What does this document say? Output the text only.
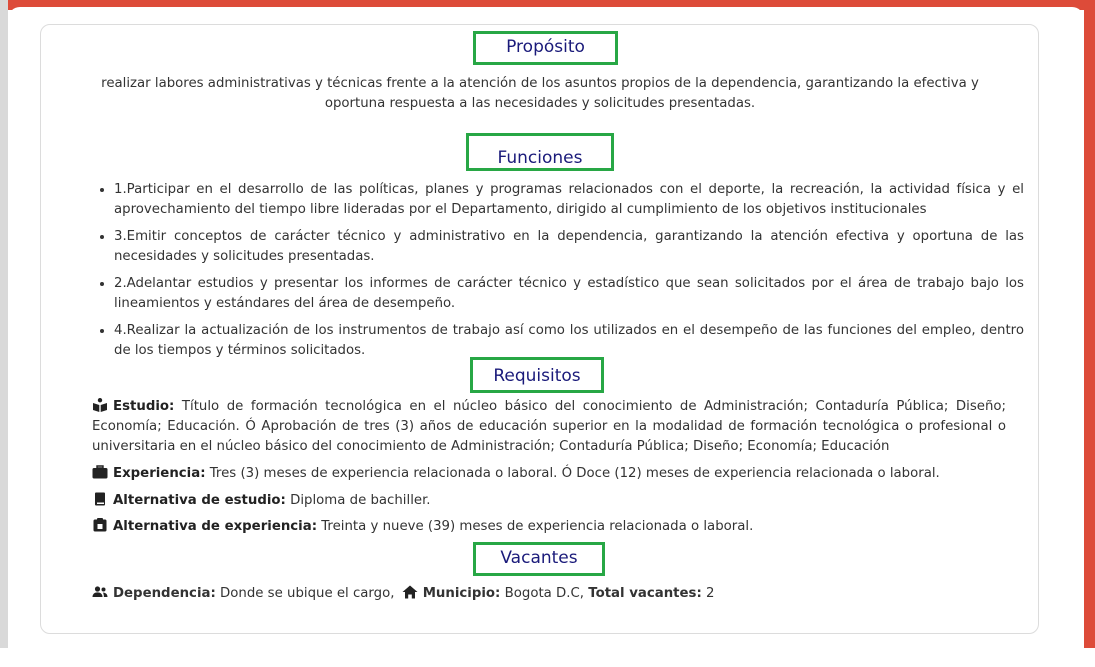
Propósito
realizar labores administrativas y técnicas frente a la atención de los asuntos propios de la dependencia, garantizando la efectiva y oportuna respuesta a las necesidades y solicitudes presentadas.
Funciones
• 1.Participar en el desarrollo de las políticas, planes y programas relacionados con el deporte, la recreación, la actividad física y el aprovechamiento del tiempo libre lideradas por el Departamento, dirigido al cumplimiento de los objetivos institucionales
• 3.Emitir conceptos de carácter técnico y administrativo en la dependencia, garantizando la atención efectiva y oportuna de las necesidades y solicitudes presentadas.
• 2.Adelantar estudios y presentar los informes de carácter técnico y estadístico que sean solicitados por el área de trabajo bajo los lineamientos y estándares del área de desempeño.
• 4.Realizar la actualización de los instrumentos de trabajo así como los utilizados en el desempeño de las funciones del empleo, dentro de los tiempos y términos solicitados.
Requisitos
Estudio: Título de formación tecnológica en el núcleo básico del conocimiento de Administración; Contaduría Pública; Diseño; Economía; Educación. Ó Aprobación de tres (3) años de educación superior en la modalidad de formación tecnológica o profesional o universitaria en el núcleo básico del conocimiento de Administración; Contaduría Pública; Diseño; Economía; Educación
Experiencia: Tres (3) meses de experiencia relacionada o laboral. Ó Doce (12) meses de experiencia relacionada o laboral.
Alternativa de estudio: Diploma de bachiller.
Alternativa de experiencia: Treinta y nueve (39) meses de experiencia relacionada o laboral.
Vacantes
Dependencia: Donde se ubique el cargo, Municipio: Bogota D.C, Total vacantes: 2
